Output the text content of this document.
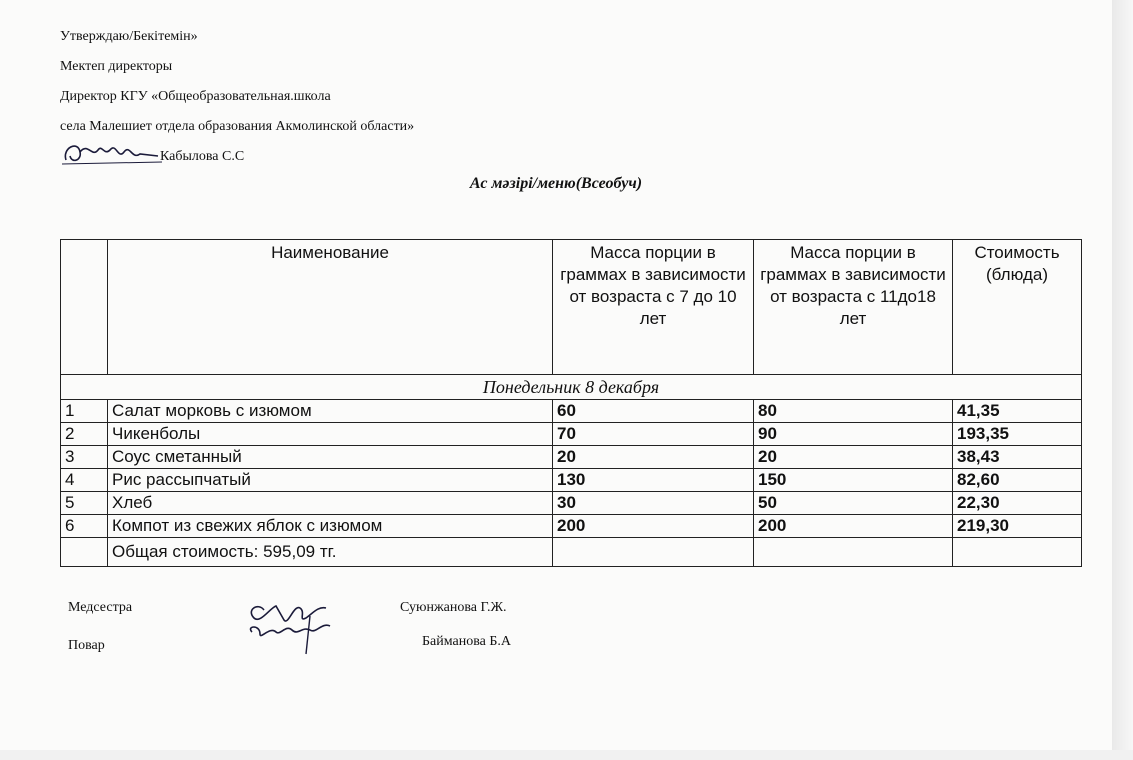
Утверждаю/Бекітемін»
Мектеп директоры
Директор КГУ «Общеобразовательная.школа
села Малешиет отдела образования Акмолинской области»
Кабылова С.С
Ас мәзірі/меню(Всеобуч)
	Наименование	Масса порции в граммах в зависимости от возраста с 7 до 10 лет	Масса порции в граммах в зависимости от возраста с 11до18 лет	Стоимость (блюда)
Понедельник 8 декабря				
1	Салат морковь с изюмом	60	80	41,35
2	Чикенболы	70	90	193,35
3	Соус сметанный	20	20	38,43
4	Рис рассыпчатый	130	150	82,60
5	Хлеб	30	50	22,30
6	Компот из свежих яблок с изюмом	200	200	219,30
	Общая стоимость: 595,09 тг.			
Медсестра	Суюнжанова Г.Ж.
Повар	Байманова Б.А
